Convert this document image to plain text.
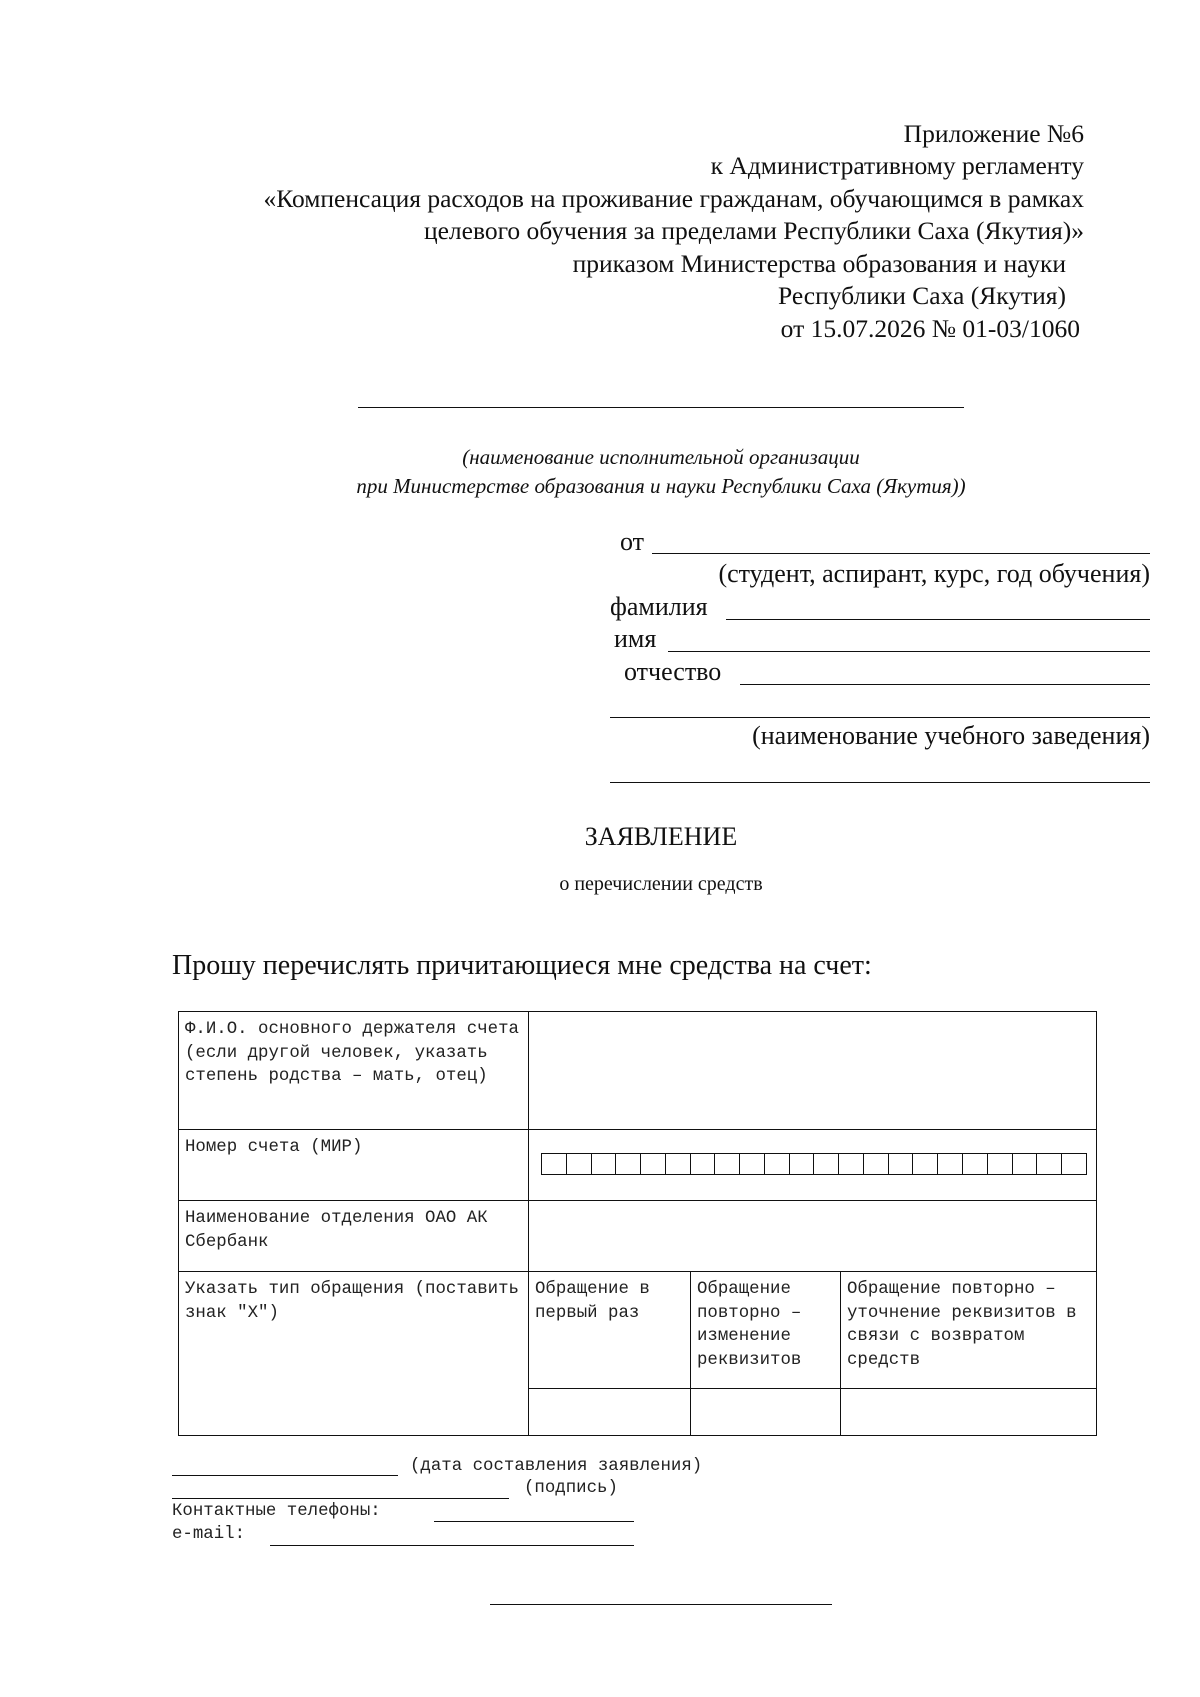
Приложение №6
к Административному регламенту
«Компенсация расходов на проживание гражданам, обучающимся в рамках
целевого обучения за пределами Республики Саха (Якутия)»
приказом Министерства образования и науки
Республики Саха (Якутия)
от 15.07.2026 № 01-03/1060
(наименование исполнительной организации
при Министерстве образования и науки Республики Саха (Якутия))
от
(студент, аспирант, курс, год обучения)
фамилия
имя
отчество
(наименование учебного заведения)
ЗАЯВЛЕНИЕ
о перечислении средств
Прошу перечислять причитающиеся мне средства на счет:
Ф.И.О. основного держателя счета (если другой человек, указать степень родства – мать, отец)			

Номер счета (МИР)			

Наименование отделения ОАО АК Сбербанк			

Указать тип обращения (поставить знак "Х")	Обращение в первый раз	Обращение повторно – изменение реквизитов	Обращение повторно – уточнение реквизитов в связи с возвратом средств

(дата составления заявления)
(подпись)
Контактные телефоны:
e-mail:
